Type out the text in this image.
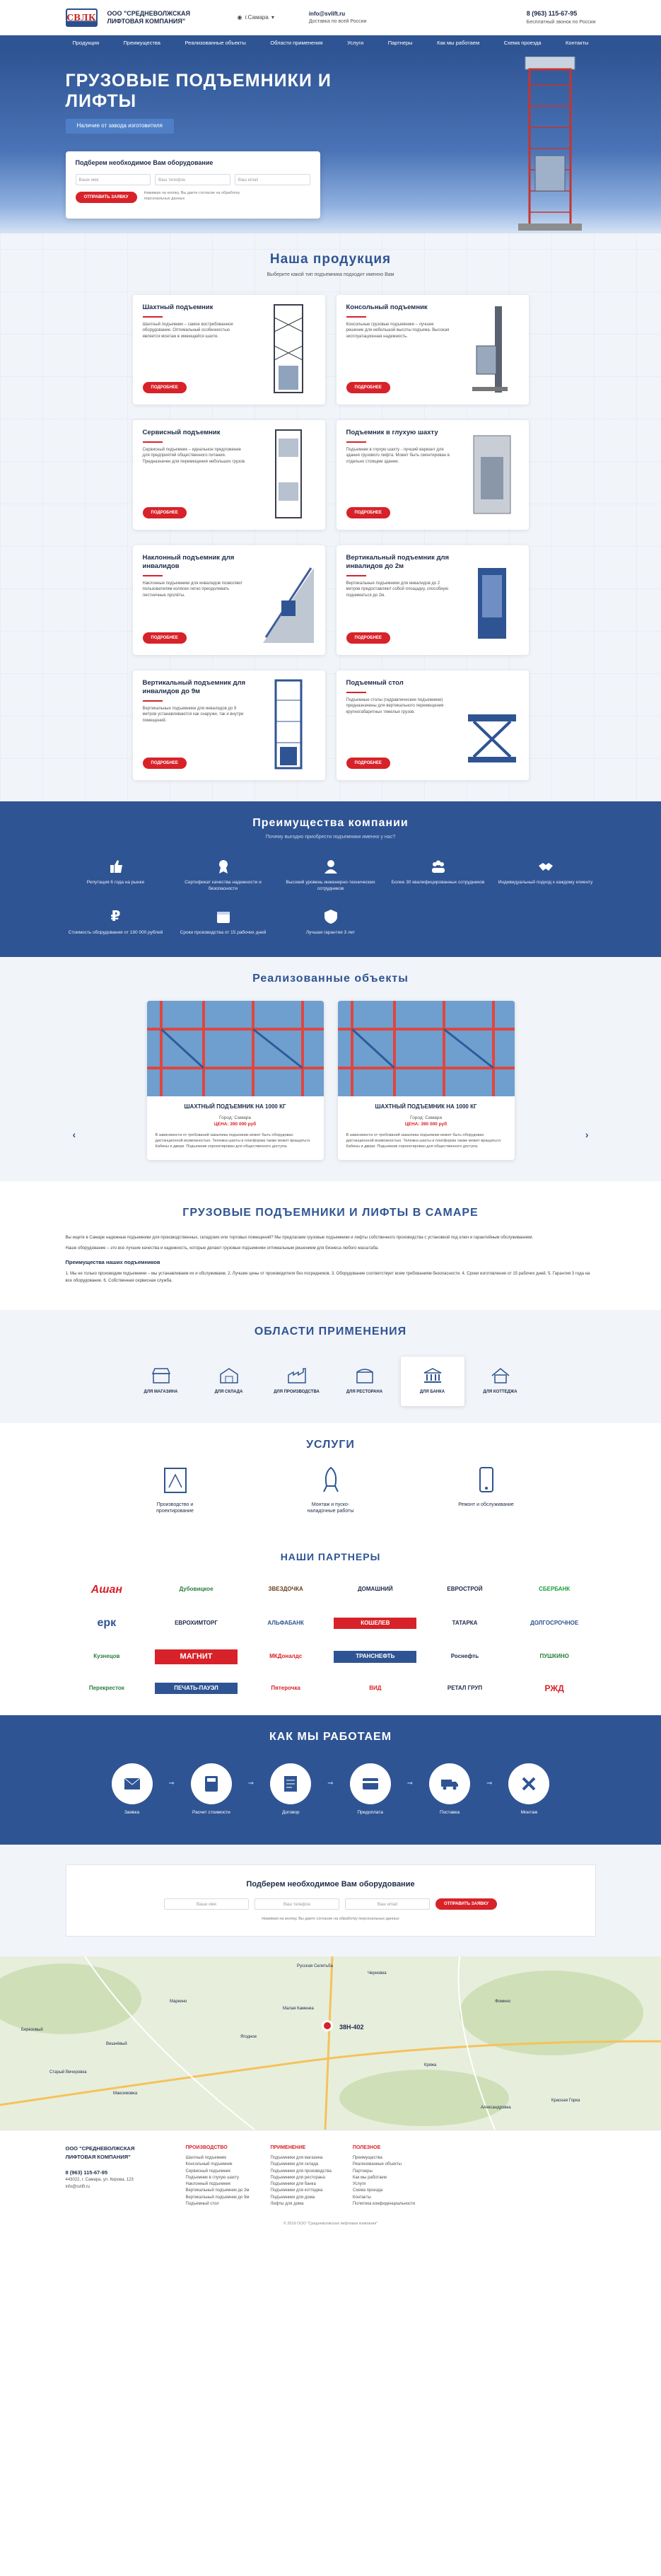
СВЛК ООО "СРЕДНЕВОЛЖСКАЯ ЛИФТОВАЯ КОМПАНИЯ"
◉ г.Самара ▾
info@svlift.ru
Доставка по всей России
8 (963) 115-67-95
Бесплатный звонок по России
Продукция	Преимущества	Реализованные объекты	Области применения	Услуги	Партнеры	Как мы работаем	Схема проезда	Контакты
ГРУЗОВЫЕ ПОДЪЕМНИКИ И ЛИФТЫ
Наличие от завода изготовителя
Подберем необходимое Вам оборудование
Ваше имя	Ваш телефон	Ваш email
ОТПРАВИТЬ ЗАЯВКУ Нажимая на кнопку, Вы даете согласие на обработку персональных данных
Наша продукция
Выберите какой тип подъемника подходит именно Вам
Шахтный подъемник

Шахтный подъемник – самое востребованное оборудование. Оптимальный особенностью является монтаж в имеющейся шахте.

ПОДРОБНЕЕ
Консольный подъемник

Консольные грузовые подъемники – лучшее решение для небольшой высоты подъема. Высокая эксплуатационная надежность.

ПОДРОБНЕЕ
Сервисный подъемник

Сервисный подъемник – идеальное предложение для предприятий общественного питания. Предназначен для перемещения небольших грузов.

ПОДРОБНЕЕ
Подъемник в глухую шахту

Подъемник в глухую шахту - лучший вариант для здания грузового лифта. Может быть смонтирован в отдельно стоящем здании.

ПОДРОБНЕЕ
Наклонный подъемник для инвалидов

Наклонные подъемники для инвалидов позволяют пользователям коляски легко преодолевать лестничные пролёты.

ПОДРОБНЕЕ
Вертикальный подъемник для инвалидов до 2м

Вертикальные подъемники для инвалидов до 2 метров предоставляют собой площадку, способную подниматься до 2м.

ПОДРОБНЕЕ
Вертикальный подъемник для инвалидов до 9м

Вертикальные подъемники для инвалидов до 9 метров устанавливаются как снаружи, так и внутри помещений.

ПОДРОБНЕЕ
Подъемный стол

Подъемные столы (гидравлические подъемники) предназначены для вертикального перемещения крупногабаритных тяжелых грузов.

ПОДРОБНЕЕ
Преимущества компании
Почему выгодно приобрести подъемники именно у нас?
Репутация 6 года на рынке	Сертификат качества надежности и безопасности
Высокий уровень инженерно-технических сотрудников
Более 30 квалифицированных сотрудников	Индивидуальный подход к каждому клиенту
₽
Стоимость оборудования от 190 000 рублей	Сроки производства от 15 рабочих дней	Лучшая гарантия 3 лет
Реализованные объекты
‹
ШАХТНЫЙ ПОДЪЕМНИК НА 1000 КГ
Город: Самара
ЦЕНА: 390 000 руб
В зависимости от требований заказчика подъемник может быть оборудован дистанционной возможностью. Тележка шахты и платформа также может вращаться. Кабины и двери. Подъемник спроектирован для общественного доступа.
ШАХТНЫЙ ПОДЪЕМНИК НА 1000 КГ
Город: Самара
ЦЕНА: 390 000 руб
В зависимости от требований заказчика подъемник может быть оборудован дистанционной возможностью. Тележка шахты и платформа также может вращаться. Кабины и двери. Подъемник спроектирован для общественного доступа.
›
ГРУЗОВЫЕ ПОДЪЕМНИКИ И ЛИФТЫ В САМАРЕ

Вы ищете в Самаре надежные подъемники для производственных, складских или торговых помещений? Мы предлагаем грузовые подъемники и лифты собственного производства с установкой под ключ и гарантийным обслуживанием.

Наше оборудование – это все лучшие качества и надежность, которые делают грузовые подъемники оптимальным решением для бизнеса любого масштаба.

Преимущества наших подъемников

1. Мы не только производим подъемники – мы устанавливаем их и обслуживаем. 2. Лучшие цены от производителя без посредников. 3. Оборудование соответствует всем требованиям безопасности. 4. Сроки изготовления от 15 рабочих дней. 5. Гарантия 3 года на все оборудование. 6. Собственная сервисная служба.

ОБЛАСТИ ПРИМЕНЕНИЯ
ДЛЯ МАГАЗИНА	ДЛЯ СКЛАДА	ДЛЯ ПРОИЗВОДСТВА	ДЛЯ РЕСТОРАНА	ДЛЯ БАНКА	ДЛЯ КОТТЕДЖА
УСЛУГИ
Производство и проектирование
Монтаж и пуско-наладочные работы
Ремонт и обслуживание
НАШИ ПАРТНЕРЫ
Ашан	Дубовицкое	ЗВЕЗДОЧКА	ДОМАШНИЙ	ЕВРОСТРОЙ	СБЕРБАНК
ерк	ЕВРОХИМТОРГ	АЛЬФАБАНК	КОШЕЛЕВ	ТАТАРКА	ДОЛГОСРОЧНОЕ
Кузнецов	МАГНИТ	МКДоналдс	ТРАНСНЕФТЬ	Роснефть	ПУШКИНО
Перекресток	ПЕЧАТЬ-ПАУЭЛ	Пятерочка	ВИД	РЕТАЛ ГРУП	РЖД
КАК МЫ РАБОТАЕМ
Заявка
➞
Расчет стоимости
➞
Договор
➞
Предоплата
➞
Поставка
➞
Монтаж
Подберем необходимое Вам оборудование
Ваше имя	Ваш телефон	Ваш email	ОТПРАВИТЬ ЗАЯВКУ
Нажимая на кнопку, Вы даете согласие на обработку персональных данных
38Н-402
Русская Селитьба
Черновка
Ягодное
Фомино
Маркино
Малая Каменка
Вишнёвый
Старый Вечеровка
Березовый
Максимовка
Кряжа
Красная Горка
Александровка
ООО "СРЕДНЕВОЛЖСКАЯ ЛИФТОВАЯ КОМПАНИЯ"

8 (963) 115-67-95
443022, г. Самара, ул. Кирова, 123
info@svlift.ru
ПРОИЗВОДСТВО
Шахтный подъемник
Консольный подъемник
Сервисный подъемник
Подъемник в глухую шахту
Наклонный подъемник
Вертикальный подъемник до 2м
Вертикальный подъемник до 9м
Подъемный стол
ПРИМЕНЕНИЕ
Подъемники для магазина
Подъемники для склада
Подъемники для производства
Подъемники для ресторана
Подъемники для банка
Подъемники для коттеджа
Подъемники для дома
Лифты для дома
ПОЛЕЗНОЕ
Преимущества
Реализованные объекты
Партнеры
Как мы работаем
Услуги
Схема проезда
Контакты
Политика конфиденциальности
© 2019 ООО "Средневолжская лифтовая компания"
